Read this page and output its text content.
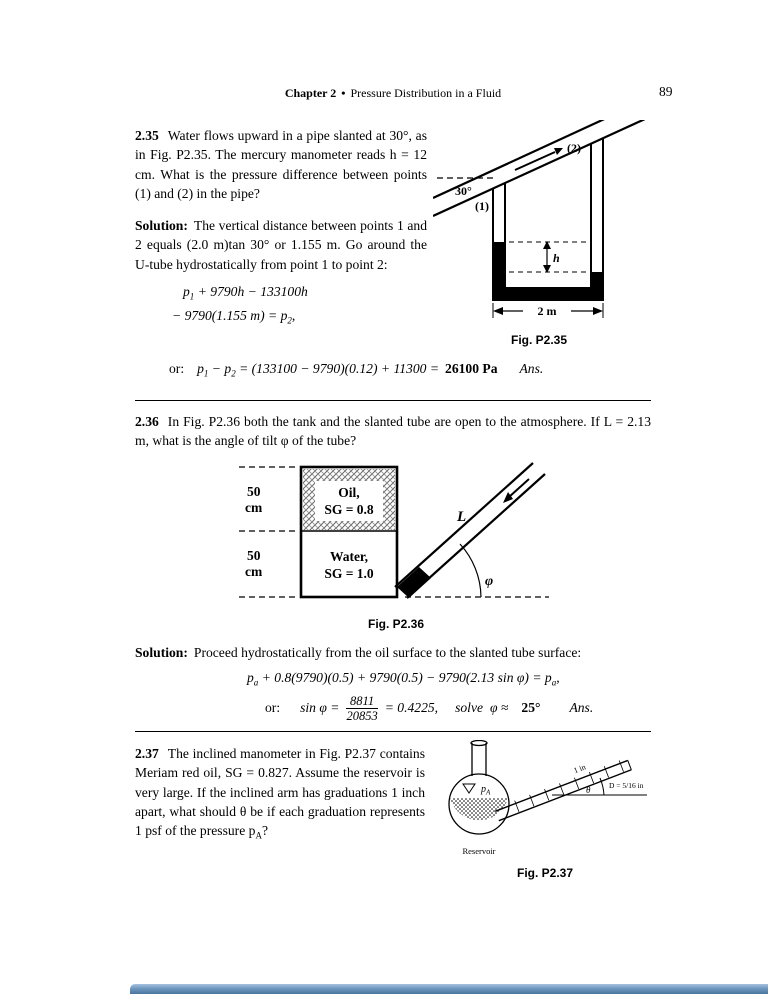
Chapter 2 • Pressure Distribution in a Fluid	89

2.35 Water flows upward in a pipe slanted at 30°, as in Fig. P2.35. The mercury manometer reads h = 12 cm. What is the pressure difference between points (1) and (2) in the pipe?

Solution: The vertical distance between points 1 and 2 equals (2.0 m)tan 30° or 1.155 m. Go around the U-tube hydrostatically from point 1 to point 2:

$p_1 + 9790h - 133100h$
− 9790(1.155 $m) = p_2$,
30°
(1)
(2)
h
2 m
Fig. P2.35
or: $p_1 - p_2 = (133100 - 9790)(0.12) + 11300 = 26100$ Pa Ans.

2.36 In Fig. P2.36 both the tank and the slanted tube are open to the atmosphere. If L = 2.13 m, what is the angle of tilt φ of the tube?

50
cm
50
cm
Oil,
SG = 0.8
Water,
SG = 1.0
L
φ
Fig. P2.36

Solution: Proceed hydrostatically from the oil surface to the slanted tube surface:

$p_a + 0.8(9790)(0.5) + 9790(0.5) - 9790(2.13$ $\sin \varphi) = p_a$,
or: $\sin \varphi = \frac{8811}{20853} = 0.4225$, solve φ ≈ 25° Ans.

2.37 The inclined manometer in Fig. P2.37 contains Meriam red oil, SG = 0.827. Assume the reservoir is very large. If the inclined arm has graduations 1 inch apart, what should θ be if each graduation represents 1 psf of the pressure $p_A$?

1 in
$p_A$	θ D = 5/16 in
Reservoir
Fig. P2.37
